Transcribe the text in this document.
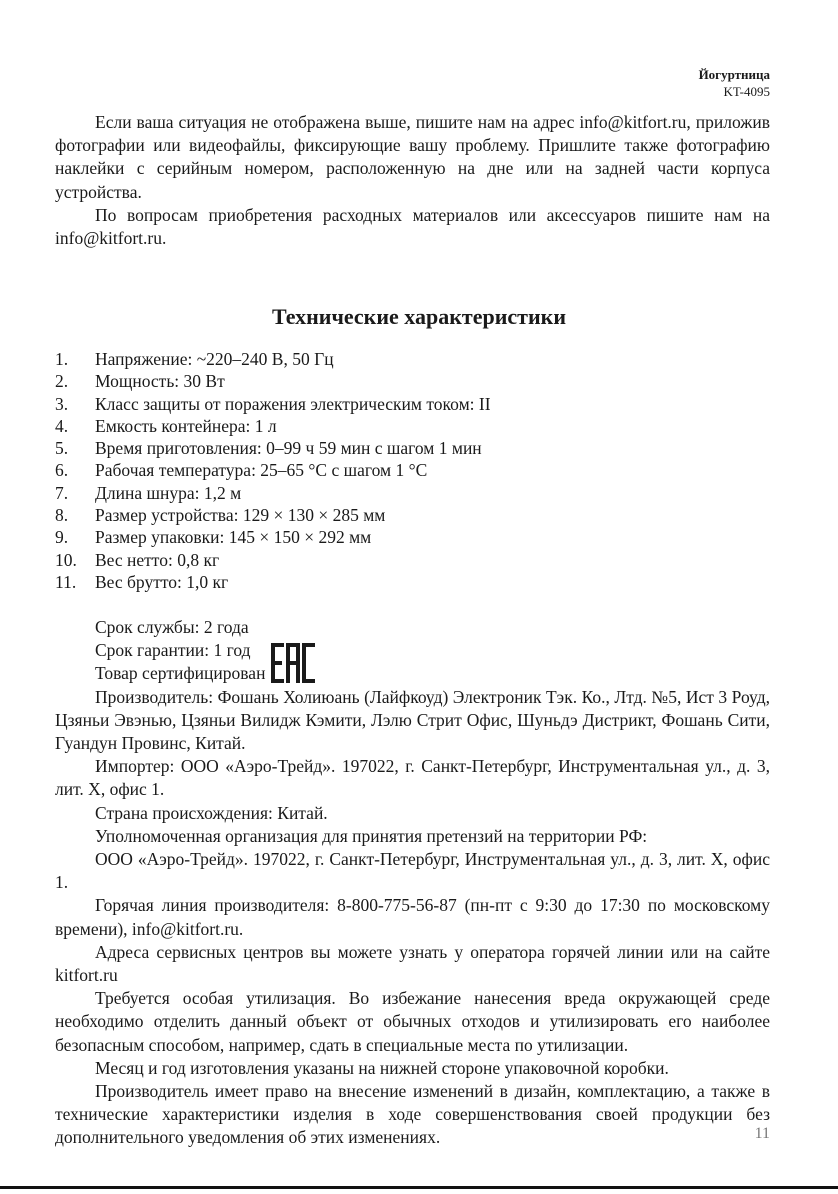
Йогуртница
KT-4095

Если ваша ситуация не отображена выше, пишите нам на адрес info@kitfort.ru, приложив фотографии или видеофайлы, фиксирующие вашу проблему. Пришлите также фотографию наклейки с серийным номером, расположенную на дне или на задней части корпуса устройства.

По вопросам приобретения расходных материалов или аксессуаров пишите нам на info@kitfort.ru.

Технические характеристики
1.	Напряжение: ~220–240 В, 50 Гц
2.	Мощность: 30 Вт
3.	Класс защиты от поражения электрическим током: II
4.	Емкость контейнера: 1 л
5.	Время приготовления: 0–99 ч 59 мин с шагом 1 мин
6.	Рабочая температура: 25–65 °С с шагом 1 °С
7.	Длина шнура: 1,2 м
8.	Размер устройства: 129 × 130 × 285 мм
9.	Размер упаковки: 145 × 150 × 292 мм
10.	Вес нетто: 0,8 кг
11.	Вес брутто: 1,0 кг

Срок службы: 2 года

Срок гарантии: 1 год

Товар сертифицирован

Производитель: Фошань Холиюань (Лайфкоуд) Электроник Тэк. Ко., Лтд. №5, Ист 3 Роуд, Цзяньи Эвэнью, Цзяньи Вилидж Кэмити, Лэлю Стрит Офис, Шуньдэ Дистрикт, Фошань Сити, Гуандун Провинс, Китай.

Импортер: ООО «Аэро-Трейд». 197022, г. Санкт-Петербург, Инструментальная ул., д. 3, лит. Х, офис 1.

Страна происхождения: Китай.

Уполномоченная организация для принятия претензий на территории РФ:

ООО «Аэро-Трейд». 197022, г. Санкт-Петербург, Инструментальная ул., д. 3, лит. Х, офис 1.

Горячая линия производителя: 8-800-775-56-87 (пн-пт с 9:30 до 17:30 по московскому времени), info@kitfort.ru.

Адреса сервисных центров вы можете узнать у оператора горячей линии или на сайте kitfort.ru

Требуется особая утилизация. Во избежание нанесения вреда окружающей среде необходимо отделить данный объект от обычных отходов и утилизировать его наиболее безопасным способом, например, сдать в специальные места по утилизации.

Месяц и год изготовления указаны на нижней стороне упаковочной коробки.

Производитель имеет право на внесение изменений в дизайн, комплектацию, а также в технические характеристики изделия в ходе совершенствования своей продукции без дополнительного уведомления об этих изменениях.	11
